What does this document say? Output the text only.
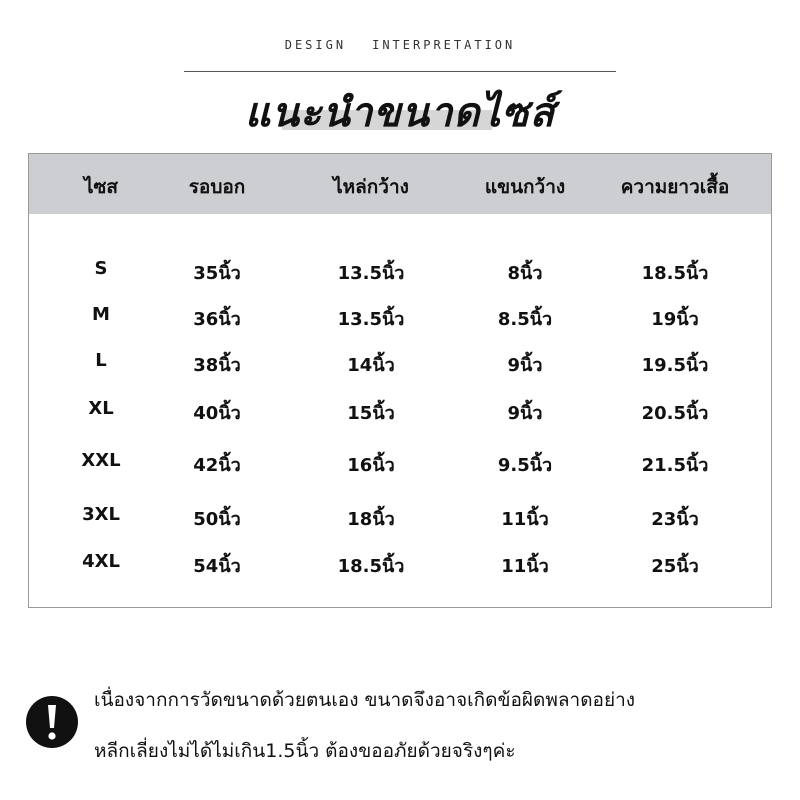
DESIGN INTERPRETATION
แนะนำขนาดไซส์
ไซส	รอบอก	ไหล่กว้าง	แขนกว้าง	ความยาวเสื้อ
S	35นิ้ว	13.5นิ้ว	8นิ้ว	18.5นิ้ว
M	36นิ้ว	13.5นิ้ว	8.5นิ้ว	19นิ้ว
L	38นิ้ว	14นิ้ว	9นิ้ว	19.5นิ้ว
XL	40นิ้ว	15นิ้ว	9นิ้ว	20.5นิ้ว
XXL	42นิ้ว	16นิ้ว	9.5นิ้ว	21.5นิ้ว
3XL	50นิ้ว	18นิ้ว	11นิ้ว	23นิ้ว
4XL	54นิ้ว	18.5นิ้ว	11นิ้ว	25นิ้ว
เนื่องจากการวัดขนาดด้วยตนเอง ขนาดจึงอาจเกิดข้อผิดพลาดอย่าง
หลีกเลี่ยงไม่ได้ไม่เกิน1.5นิ้ว ต้องขออภัยด้วยจริงๆค่ะ
